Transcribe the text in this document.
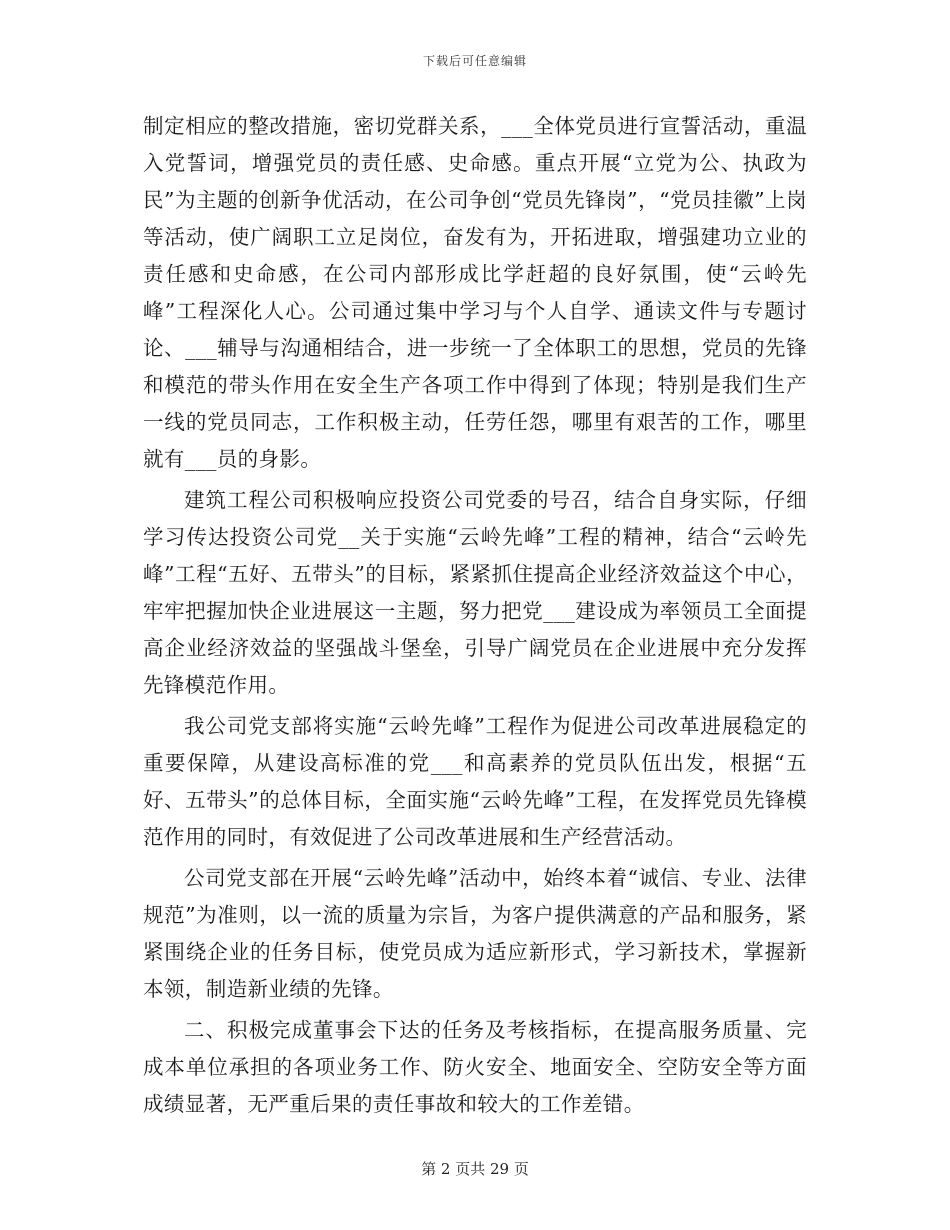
下载后可任意编辑

制定相应的整改措施，密切党群关系，___全体党员进行宣誓活动，重温入党誓词，增强党员的责任感、史命感。重点开展“立党为公、执政为民”为主题的创新争优活动，在公司争创“党员先锋岗”，“党员挂徽”上岗等活动，使广阔职工立足岗位，奋发有为，开拓进取，增强建功立业的责任感和史命感，在公司内部形成比学赶超的良好氛围，使“云岭先峰”工程深化人心。公司通过集中学习与个人自学、通读文件与专题讨论、___辅导与沟通相结合，进一步统一了全体职工的思想，党员的先锋和模范的带头作用在安全生产各项工作中得到了体现；特别是我们生产一线的党员同志，工作积极主动，任劳任怨，哪里有艰苦的工作，哪里就有___员的身影。

建筑工程公司积极响应投资公司党委的号召，结合自身实际，仔细学习传达投资公司党__关于实施“云岭先峰”工程的精神，结合“云岭先峰”工程“五好、五带头”的目标，紧紧抓住提高企业经济效益这个中心，牢牢把握加快企业进展这一主题，努力把党___建设成为率领员工全面提高企业经济效益的坚强战斗堡垒，引导广阔党员在企业进展中充分发挥先锋模范作用。

我公司党支部将实施“云岭先峰”工程作为促进公司改革进展稳定的重要保障，从建设高标准的党___和高素养的党员队伍出发，根据“五好、五带头”的总体目标，全面实施“云岭先峰”工程，在发挥党员先锋模范作用的同时，有效促进了公司改革进展和生产经营活动。

公司党支部在开展“云岭先峰”活动中，始终本着“诚信、专业、法律规范”为准则，以一流的质量为宗旨，为客户提供满意的产品和服务，紧紧围绕企业的任务目标，使党员成为适应新形式，学习新技术，掌握新本领，制造新业绩的先锋。

二、积极完成董事会下达的任务及考核指标，在提高服务质量、完成本单位承担的各项业务工作、防火安全、地面安全、空防安全等方面成绩显著，无严重后果的责任事故和较大的工作差错。

第 2 页共 29 页
